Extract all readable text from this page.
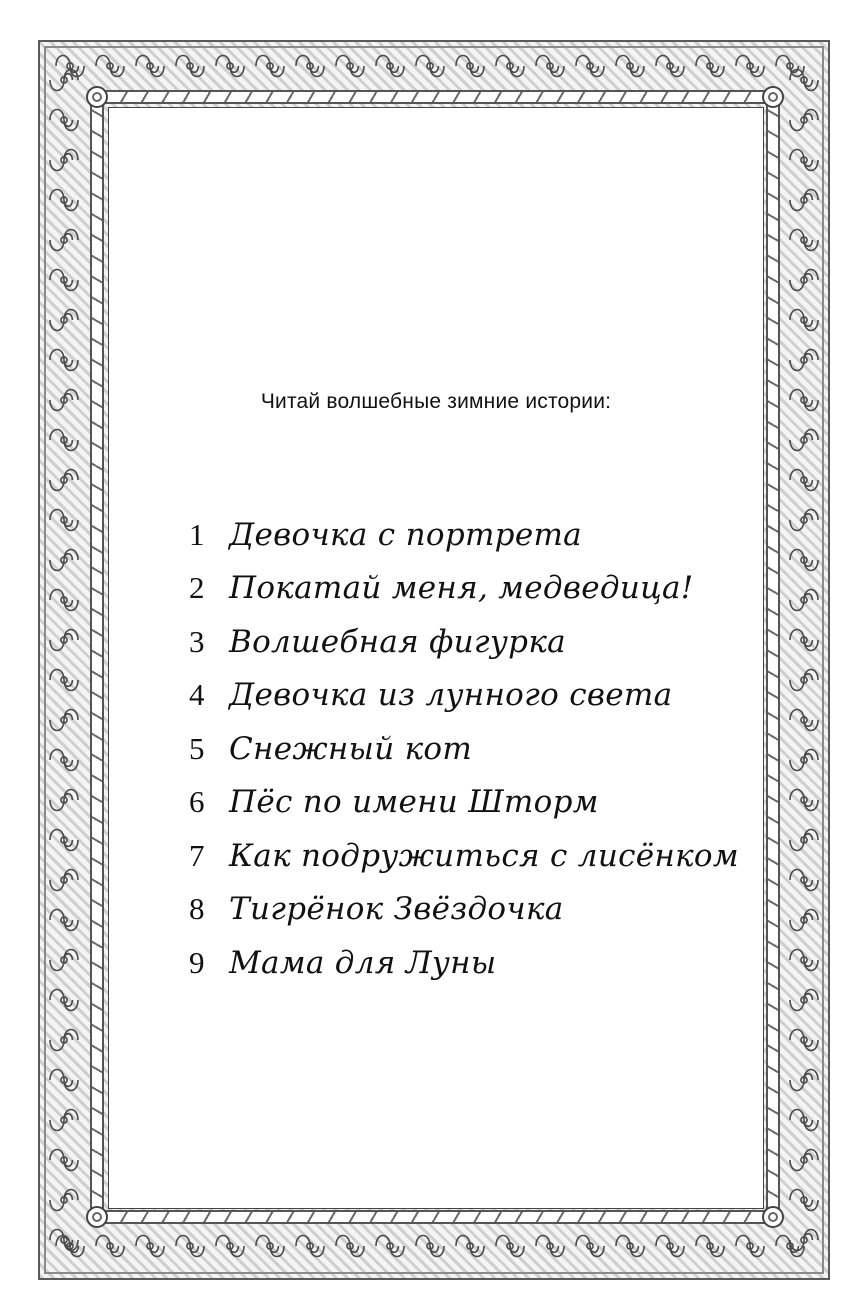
Читай волшебные зимние истории:
1 Девочка с портрета
2 Покатай меня, медведица!
3 Волшебная фигурка
4 Девочка из лунного света
5 Снежный кот
6 Пёс по имени Шторм
7 Как подружиться с лисёнком
8 Тигрёнок Звёздочка
9 Мама для Луны
